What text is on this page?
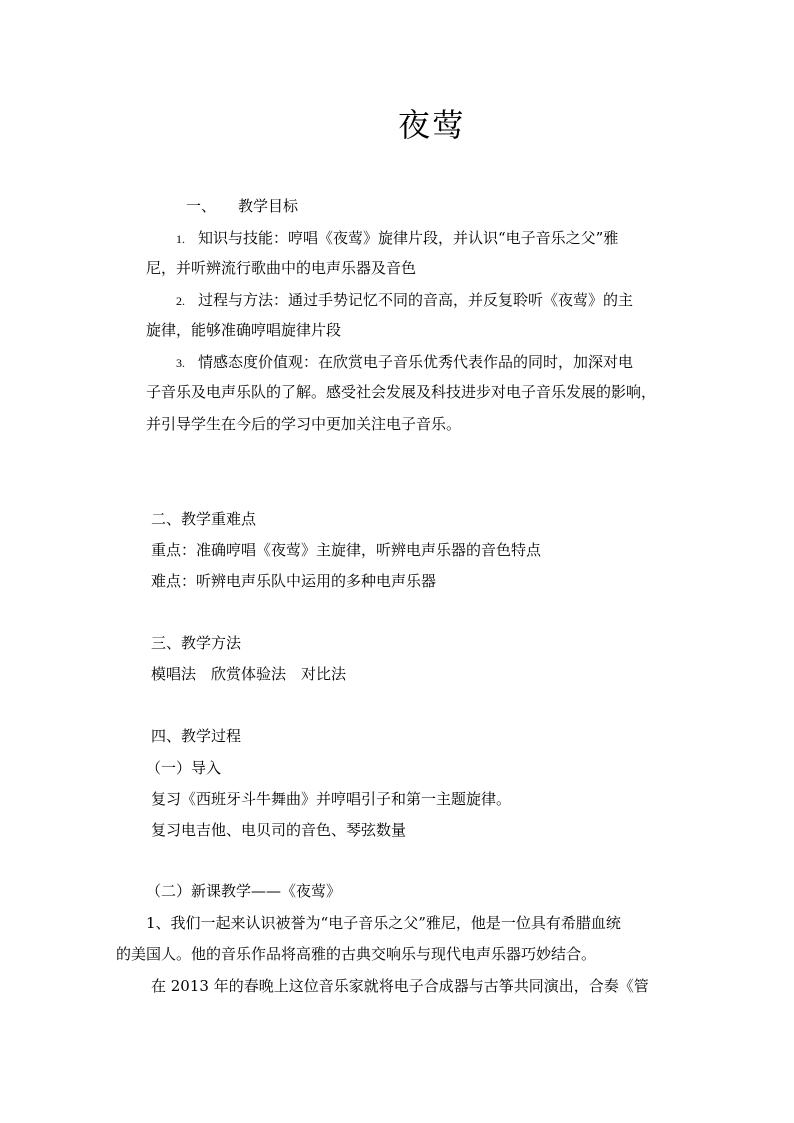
夜莺
一、 教学目标
1. 知识与技能：哼唱《夜莺》旋律片段，并认识“电子音乐之父”雅
尼，并听辨流行歌曲中的电声乐器及音色
2. 过程与方法：通过手势记忆不同的音高，并反复聆听《夜莺》的主
旋律，能够准确哼唱旋律片段
3. 情感态度价值观：在欣赏电子音乐优秀代表作品的同时，加深对电
子音乐及电声乐队的了解。感受社会发展及科技进步对电子音乐发展的影响，
并引导学生在今后的学习中更加关注电子音乐。
二、教学重难点
重点：准确哼唱《夜莺》主旋律，听辨电声乐器的音色特点
难点：听辨电声乐队中运用的多种电声乐器
三、教学方法
模唱法　欣赏体验法　对比法
四、教学过程
（一）导入
复习《西班牙斗牛舞曲》并哼唱引子和第一主题旋律。
复习电吉他、电贝司的音色、琴弦数量
（二）新课教学——《夜莺》
1、我们一起来认识被誉为“电子音乐之父”雅尼，他是一位具有希腊血统
的美国人。他的音乐作品将高雅的古典交响乐与现代电声乐器巧妙结合。
在 2013 年的春晚上这位音乐家就将电子合成器与古筝共同演出，合奏《管
